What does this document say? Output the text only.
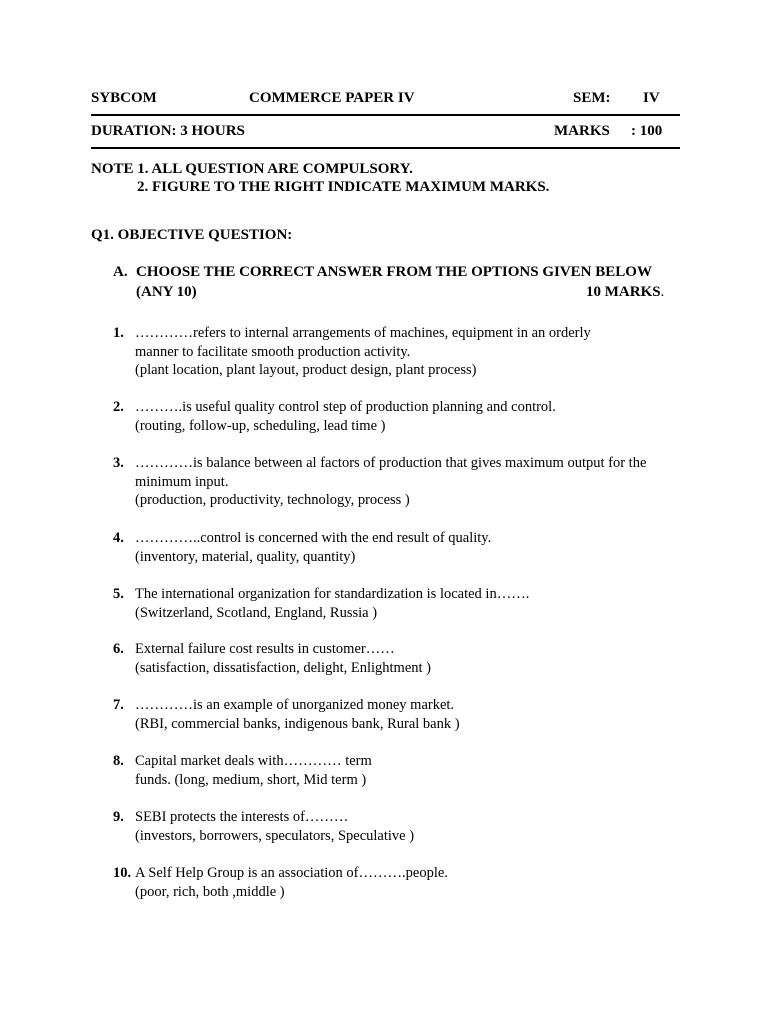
SYBCOM	COMMERCE PAPER IV	SEM: IV
DURATION: 3 HOURS	MARKS : 100
NOTE 1. ALL QUESTION ARE COMPULSORY.
2. FIGURE TO THE RIGHT INDICATE MAXIMUM MARKS.
Q1. OBJECTIVE QUESTION:
A. CHOOSE THE CORRECT ANSWER FROM THE OPTIONS GIVEN BELOW
(ANY 10)	10 MARKS.
1. …………refers to internal arrangements of machines, equipment in an orderly
manner to facilitate smooth production activity.
(plant location, plant layout, product design, plant process)
2. ……….is useful quality control step of production planning and control.
(routing, follow-up, scheduling, lead time )
3. …………is balance between al factors of production that gives maximum output for the
minimum input.
(production, productivity, technology, process )
4. …………..control is concerned with the end result of quality.
(inventory, material, quality, quantity)
5. The international organization for standardization is located in…….
(Switzerland, Scotland, England, Russia )
6. External failure cost results in customer……
(satisfaction, dissatisfaction, delight, Enlightment )
7. …………is an example of unorganized money market.
(RBI, commercial banks, indigenous bank, Rural bank )
8. Capital market deals with………… term
funds. (long, medium, short, Mid term )
9. SEBI protects the interests of………
(investors, borrowers, speculators, Speculative )
10. A Self Help Group is an association of……….people.
(poor, rich, both ,middle )
